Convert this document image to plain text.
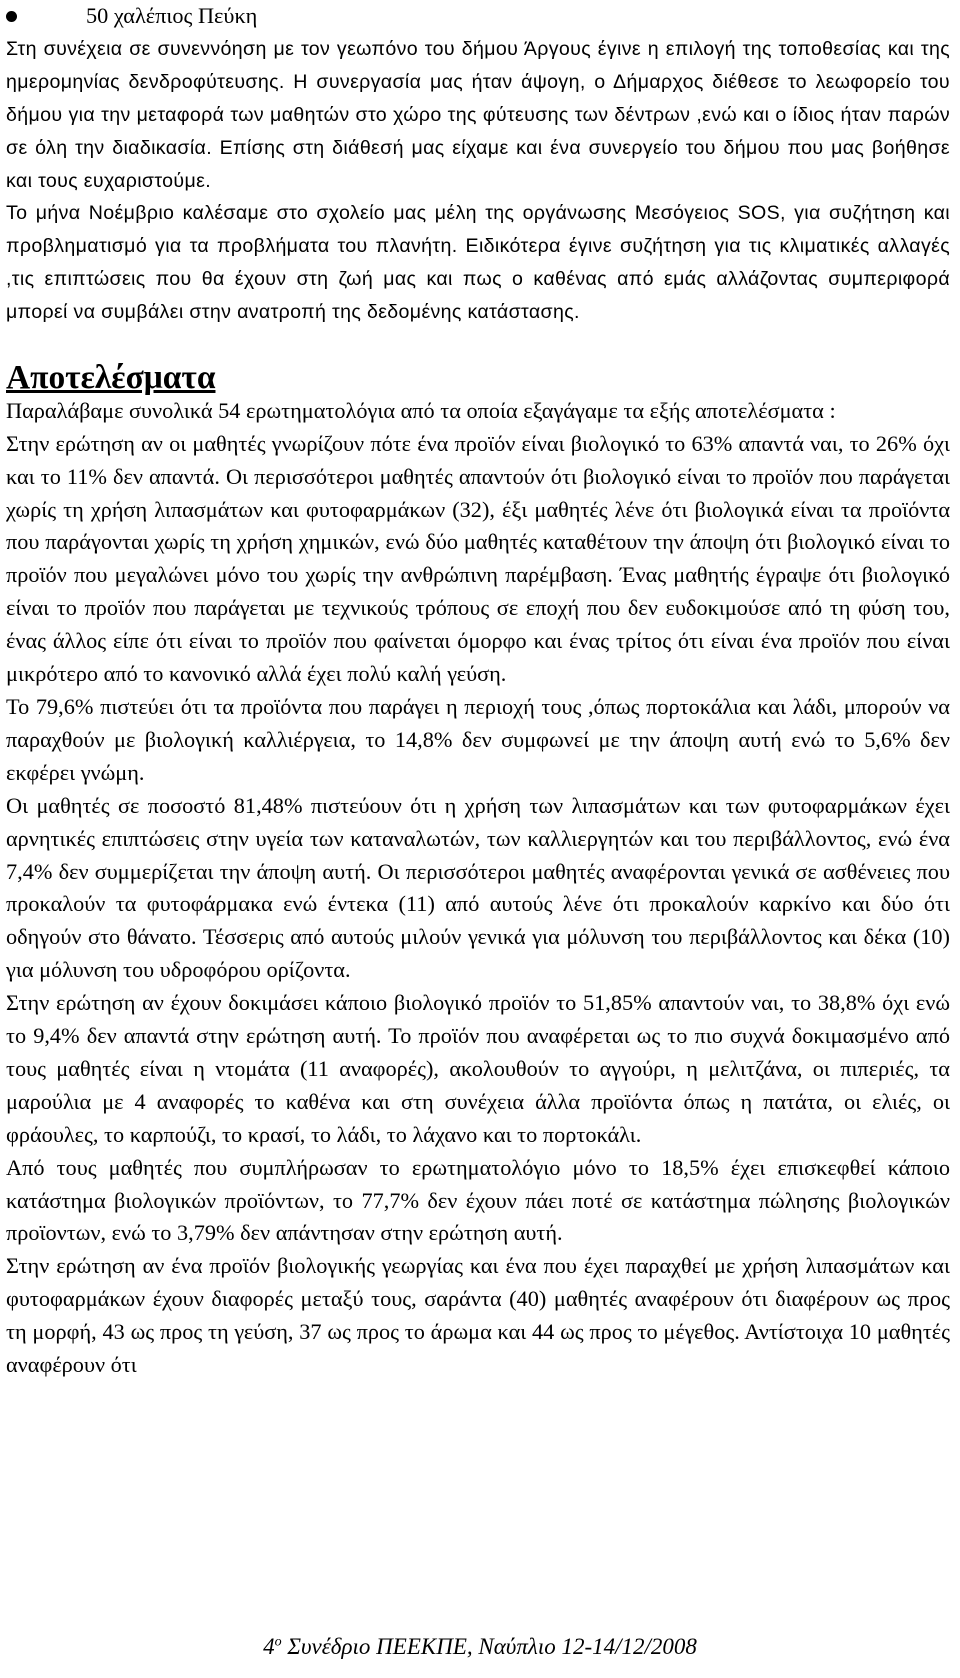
50 χαλέπιος Πεύκη

Στη συνέχεια σε συνεννόηση με τον γεωπόνο του δήμου Άργους έγινε η επιλογή της τοποθεσίας και της ημερομηνίας δενδροφύτευσης. Η συνεργασία μας ήταν άψογη, ο Δήμαρχος διέθεσε το λεωφορείο του δήμου για την μεταφορά των μαθητών στο χώρο της φύτευσης των δέντρων ,ενώ και ο ίδιος ήταν παρών σε όλη την διαδικασία. Επίσης στη διάθεσή μας είχαμε και ένα συνεργείο του δήμου που μας βοήθησε και τους ευχαριστούμε.

Το μήνα Νοέμβριο καλέσαμε στο σχολείο μας μέλη της οργάνωσης Μεσόγειος SOS, για συζήτηση και προβληματισμό για τα προβλήματα του πλανήτη. Ειδικότερα έγινε συζήτηση για τις κλιματικές αλλαγές ,τις επιπτώσεις που θα έχουν στη ζωή μας και πως ο καθένας από εμάς αλλάζοντας συμπεριφορά μπορεί να συμβάλει στην ανατροπή της δεδομένης κατάστασης.

Αποτελέσματα

Παραλάβαμε συνολικά 54 ερωτηματολόγια από τα οποία εξαγάγαμε τα εξής αποτελέσματα :

Στην ερώτηση αν οι μαθητές γνωρίζουν πότε ένα προϊόν είναι βιολογικό το 63% απαντά ναι, το 26% όχι και το 11% δεν απαντά. Οι περισσότεροι μαθητές απαντούν ότι βιολογικό είναι το προϊόν που παράγεται χωρίς τη χρήση λιπασμάτων και φυτοφαρμάκων (32), έξι μαθητές λένε ότι βιολογικά είναι τα προϊόντα που παράγονται χωρίς τη χρήση χημικών, ενώ δύο μαθητές καταθέτουν την άποψη ότι βιολογικό είναι το προϊόν που μεγαλώνει μόνο του χωρίς την ανθρώπινη παρέμβαση. Ένας μαθητής έγραψε ότι βιολογικό είναι το προϊόν που παράγεται με τεχνικούς τρόπους σε εποχή που δεν ευδοκιμούσε από τη φύση του, ένας άλλος είπε ότι είναι το προϊόν που φαίνεται όμορφο και ένας τρίτος ότι είναι ένα προϊόν που είναι μικρότερο από το κανονικό αλλά έχει πολύ καλή γεύση.

Το 79,6% πιστεύει ότι τα προϊόντα που παράγει η περιοχή τους ,όπως πορτοκάλια και λάδι, μπορούν να παραχθούν με βιολογική καλλιέργεια, το 14,8% δεν συμφωνεί με την άποψη αυτή ενώ το 5,6% δεν εκφέρει γνώμη.

Οι μαθητές σε ποσοστό 81,48% πιστεύουν ότι η χρήση των λιπασμάτων και των φυτοφαρμάκων έχει αρνητικές επιπτώσεις στην υγεία των καταναλωτών, των καλλιεργητών και του περιβάλλοντος, ενώ ένα 7,4% δεν συμμερίζεται την άποψη αυτή. Οι περισσότεροι μαθητές αναφέρονται γενικά σε ασθένειες που προκαλούν τα φυτοφάρμακα ενώ έντεκα (11) από αυτούς λένε ότι προκαλούν καρκίνο και δύο ότι οδηγούν στο θάνατο. Τέσσερις από αυτούς μιλούν γενικά για μόλυνση του περιβάλλοντος και δέκα (10) για μόλυνση του υδροφόρου ορίζοντα.

Στην ερώτηση αν έχουν δοκιμάσει κάποιο βιολογικό προϊόν το 51,85% απαντούν ναι, το 38,8% όχι ενώ το 9,4% δεν απαντά στην ερώτηση αυτή. Το προϊόν που αναφέρεται ως το πιο συχνά δοκιμασμένο από τους μαθητές είναι η ντομάτα (11 αναφορές), ακολουθούν το αγγούρι, η μελιτζάνα, οι πιπεριές, τα μαρούλια με 4 αναφορές το καθένα και στη συνέχεια άλλα προϊόντα όπως η πατάτα, οι ελιές, οι φράουλες, το καρπούζι, το κρασί, το λάδι, το λάχανο και το πορτοκάλι.

Από τους μαθητές που συμπλήρωσαν το ερωτηματολόγιο μόνο το 18,5% έχει επισκεφθεί κάποιο κατάστημα βιολογικών προϊόντων, το 77,7% δεν έχουν πάει ποτέ σε κατάστημα πώλησης βιολογικών προϊοντων, ενώ το 3,79% δεν απάντησαν στην ερώτηση αυτή.

Στην ερώτηση αν ένα προϊόν βιολογικής γεωργίας και ένα που έχει παραχθεί με χρήση λιπασμάτων και φυτοφαρμάκων έχουν διαφορές μεταξύ τους, σαράντα (40) μαθητές αναφέρουν ότι διαφέρουν ως προς τη μορφή, 43 ως προς τη γεύση, 37 ως προς το άρωμα και 44 ως προς το μέγεθος. Αντίστοιχα 10 μαθητές αναφέρουν ότι

$4^o$ Συνέδριο ΠΕΕΚΠΕ, Ναύπλιο 12-14/12/2008
